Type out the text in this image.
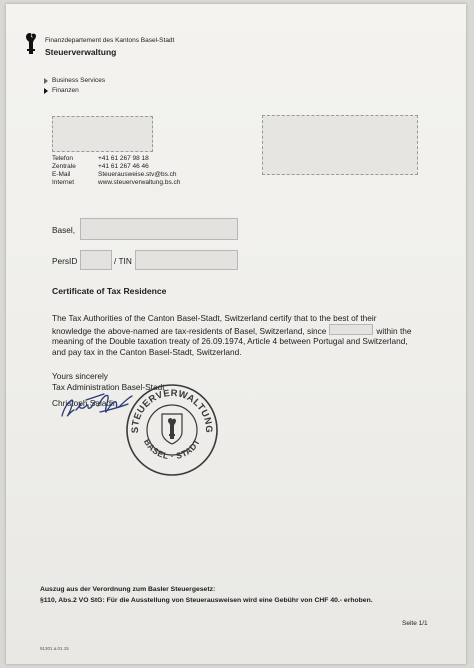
Finanzdepartement des Kantons Basel-Stadt
Steuerverwaltung
Business Services
Finanzen
Telefon	+41 61 267 98 18
Zentrale	+41 61 267 46 46
E-Mail	Steuerausweise.stv@bs.ch
Internet	www.steuerverwaltung.bs.ch
Basel,
PersID	/ TIN
Certificate of Tax Residence
The Tax Authorities of the Canton Basel-Stadt, Switzerland certify that to the best of their
knowledge the above-named are tax-residents of Basel, Switzerland, since	within the
meaning of the Double taxation treaty of 26.09.1974, Article 4 between Portugal and Switzerland,
and pay tax in the Canton Basel-Stadt, Switzerland.
Yours sincerely
Tax Administration Basel-Stadt
Christoph Saladin
STEUERVERWALTUNG
BASEL · STADT
Auszug aus der Verordnung zum Basler Steuergesetz:
§110, Abs.2 VO StG: Für die Ausstellung von Steuerausweisen wird eine Gebühr von CHF 40.- erhoben.
Seite 1/1
91301.a.01.15
